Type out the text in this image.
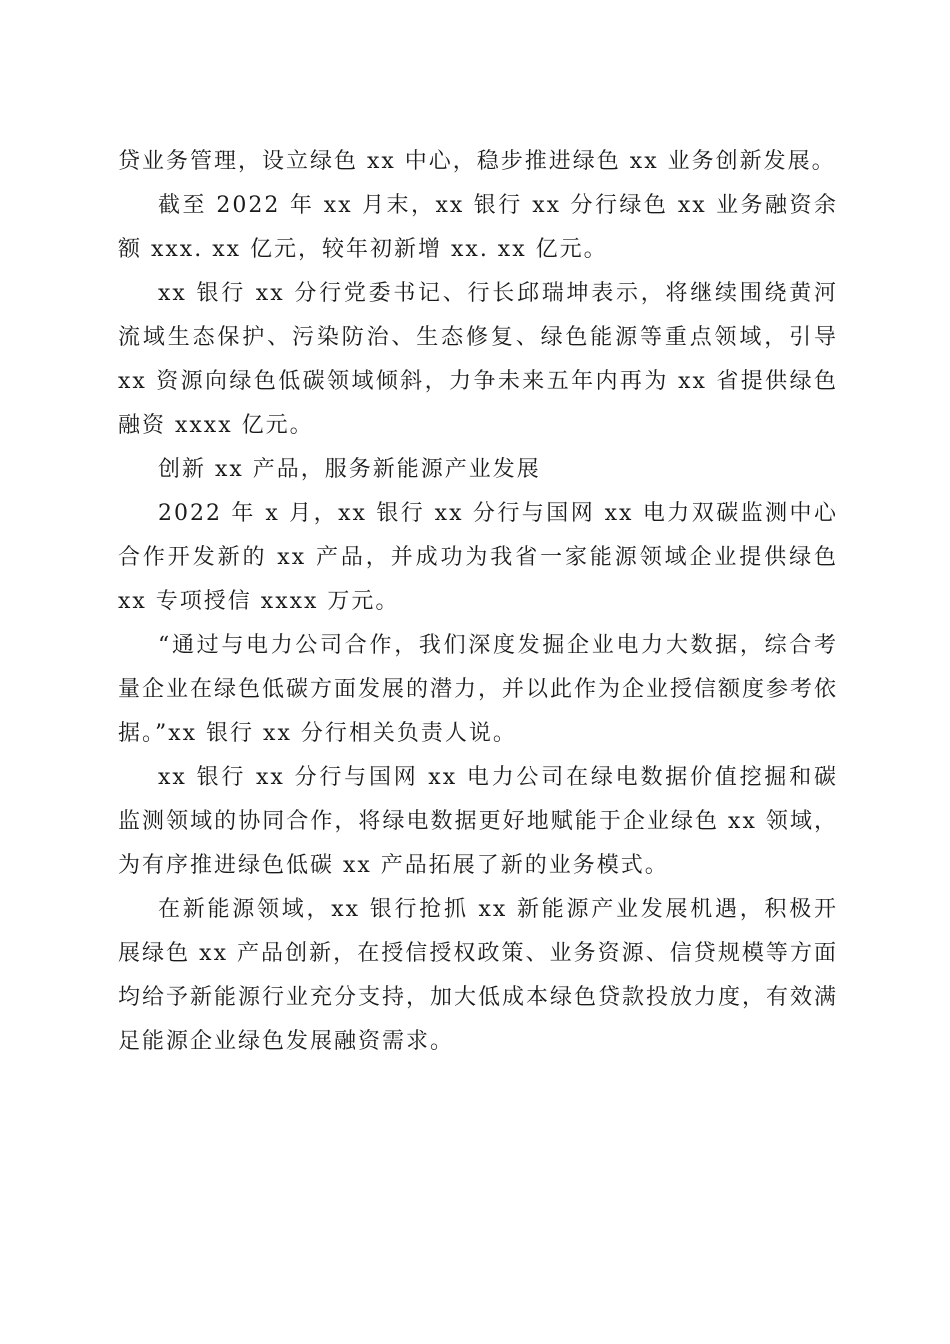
贷业务管理，设立绿色 xx 中心，稳步推进绿色 xx 业务创新发展。

截至 2022 年 xx 月末，xx 银行 xx 分行绿色 xx 业务融资余额 xxx. xx 亿元，较年初新增 xx. xx 亿元。

xx 银行 xx 分行党委书记、行长邱瑞坤表示，将继续围绕黄河流域生态保护、污染防治、生态修复、绿色能源等重点领域，引导 xx 资源向绿色低碳领域倾斜，力争未来五年内再为 xx 省提供绿色融资 xxxx 亿元。

创新 xx 产品，服务新能源产业发展

2022 年 x 月，xx 银行 xx 分行与国网 xx 电力双碳监测中心合作开发新的 xx 产品，并成功为我省一家能源领域企业提供绿色 xx 专项授信 xxxx 万元。

“通过与电力公司合作，我们深度发掘企业电力大数据，综合考量企业在绿色低碳方面发展的潜力，并以此作为企业授信额度参考依据。”xx 银行 xx 分行相关负责人说。

xx 银行 xx 分行与国网 xx 电力公司在绿电数据价值挖掘和碳监测领域的协同合作，将绿电数据更好地赋能于企业绿色 xx 领域，为有序推进绿色低碳 xx 产品拓展了新的业务模式。

在新能源领域，xx 银行抢抓 xx 新能源产业发展机遇，积极开展绿色 xx 产品创新，在授信授权政策、业务资源、信贷规模等方面均给予新能源行业充分支持，加大低成本绿色贷款投放力度，有效满足能源企业绿色发展融资需求。
